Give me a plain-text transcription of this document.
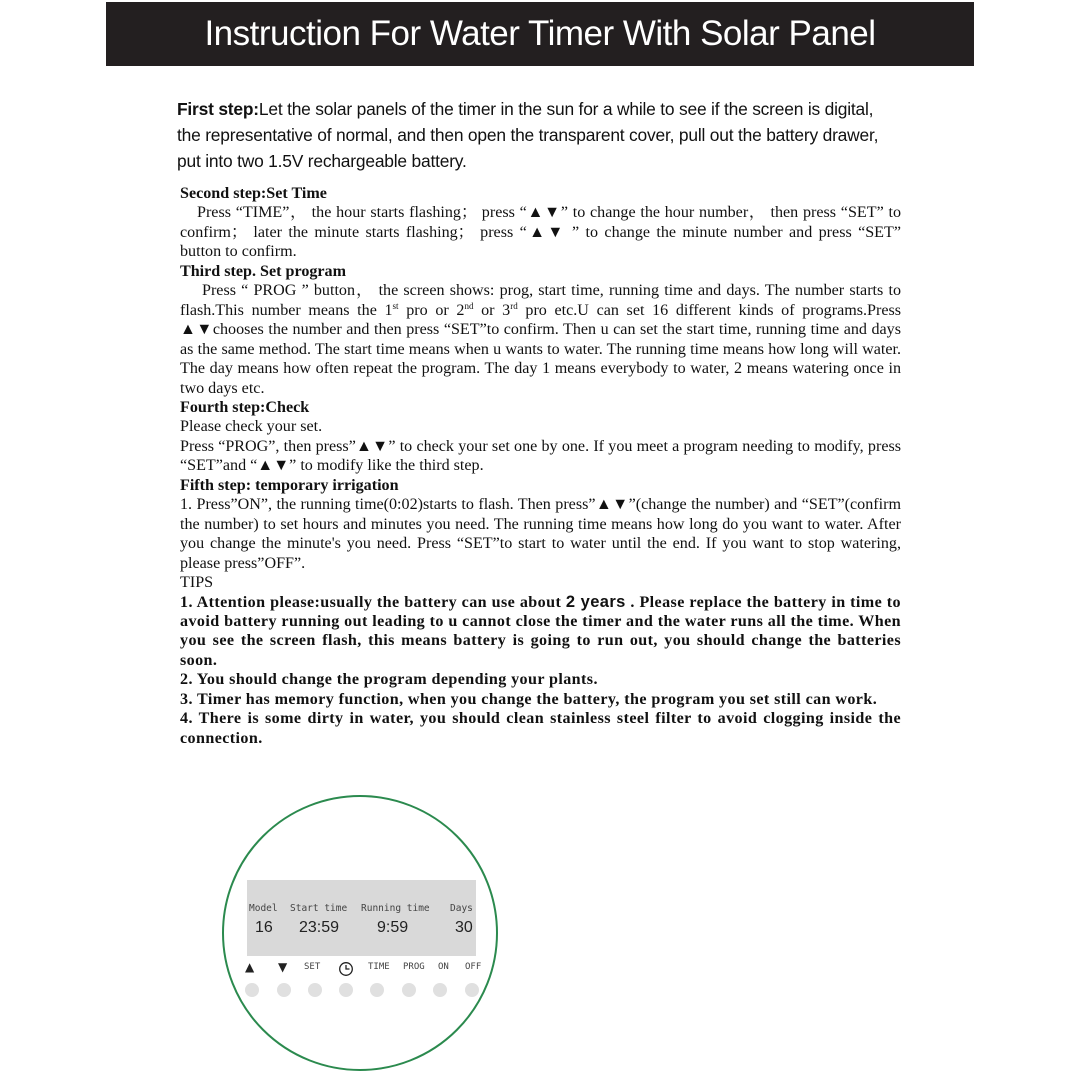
Instruction For Water Timer With Solar Panel
First step:Let the solar panels of the timer in the sun for a while to see if the screen is digital, the representative of normal, and then open the transparent cover, pull out the battery drawer, put into two 1.5V rechargeable battery.

Second step:Set Time

Press “TIME”， the hour starts flashing； press “▲▼” to change the hour number， then press “SET” to confirm； later the minute starts flashing； press “▲▼ ” to change the minute number and press “SET” button to confirm.

Third step. Set program

Press “ PROG ” button， the screen shows: prog, start time, running time and days. The number starts to flash.This number means the 1st pro or 2nd or 3rd pro etc.U can set 16 different kinds of programs.Press ▲▼chooses the number and then press “SET”to confirm. Then u can set the start time, running time and days as the same method. The start time means when u wants to water. The running time means how long will water. The day means how often repeat the program. The day 1 means everybody to water, 2 means watering once in two days etc.

Fourth step:Check

Please check your set.

Press “PROG”, then press”▲▼” to check your set one by one. If you meet a program needing to modify, press “SET”and “▲▼” to modify like the third step.

Fifth step: temporary irrigation

1. Press”ON”, the running time(0:02)starts to flash. Then press”▲▼”(change the number) and “SET”(confirm the number) to set hours and minutes you need. The running time means how long do you want to water. After you change the minute's you need. Press “SET”to start to water until the end. If you want to stop watering, please press”OFF”.

TIPS

1. Attention please:usually the battery can use about 2 years . Please replace the battery in time to avoid battery running out leading to u cannot close the timer and the water runs all the time. When you see the screen flash, this means battery is going to run out, you should change the batteries soon.

2. You should change the program depending your plants.

3. Timer has memory function, when you change the battery, the program you set still can work.

4. There is some dirty in water, you should clean stainless steel filter to avoid clogging inside the connection.

Model Start time Running time Days
16 23:59 9:59	30
▲ ▼ SET	TIME PROG ON OFF
